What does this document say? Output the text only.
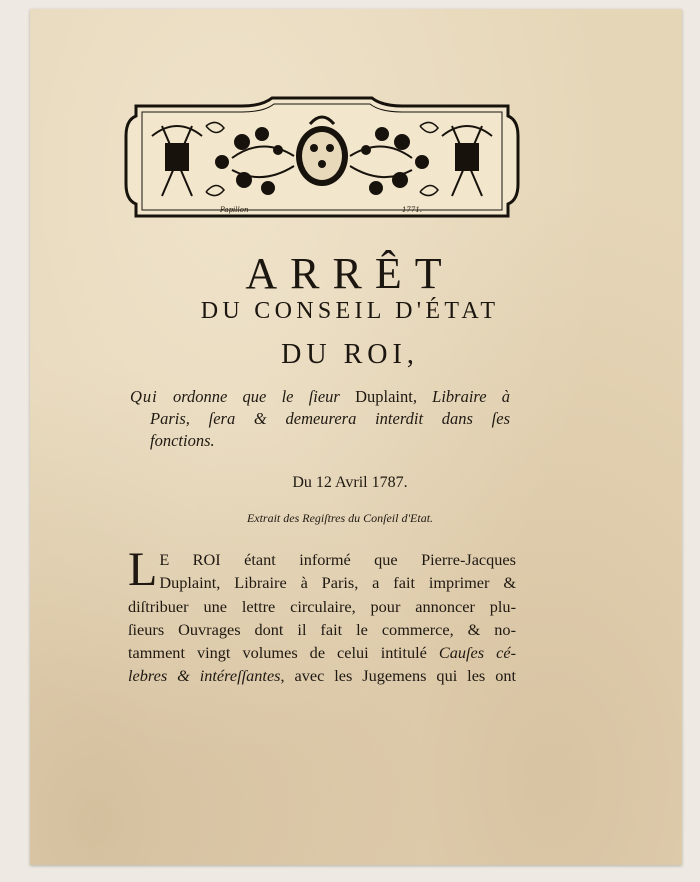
Papillon	1771.
ARRÊT
DU CONSEIL D'ÉTAT
DU ROI,
Qui ordonne que le ſieur Duplaint, Libraire à
Paris, ſera & demeurera interdit dans ſes
fonctions.
Du 12 Avril 1787.
Extrait des Regiſtres du Conſeil d'Etat.
L E ROI étant informé que Pierre-Jacques
Duplaint, Libraire à Paris, a fait imprimer &
diſtribuer une lettre circulaire, pour annoncer plu-
ſieurs Ouvrages dont il fait le commerce, & no-
tamment vingt volumes de celui intitulé Cauſes cé-
lebres & intéreſſantes, avec les Jugemens qui les ont
